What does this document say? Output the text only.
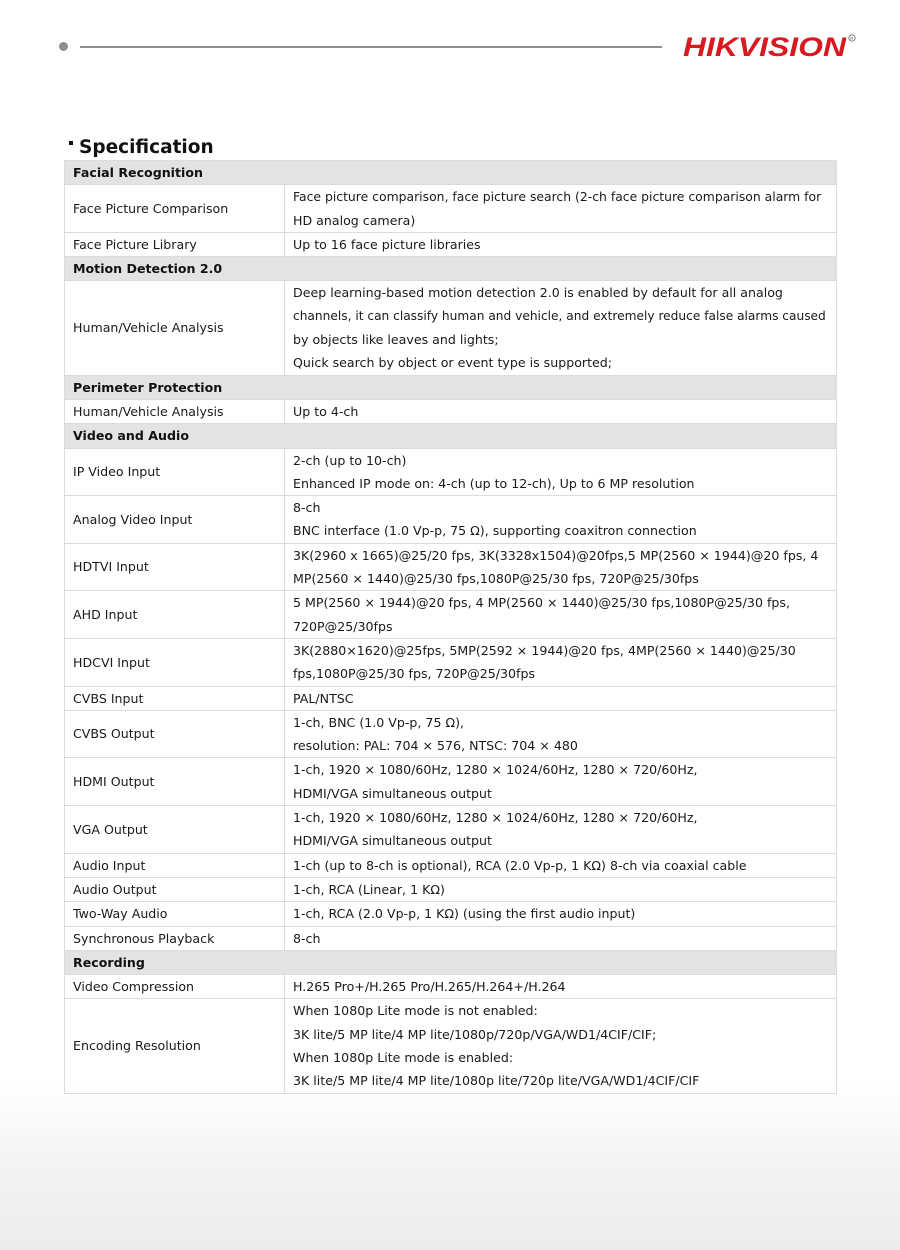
HIKVISION R
Specification
Facial Recognition	
Face Picture Comparison	Face picture comparison, face picture search (2-ch face picture comparison alarm for
HD analog camera)

Face Picture Library	Up to 16 face picture libraries

Motion Detection 2.0	
Human/Vehicle Analysis	Deep learning-based motion detection 2.0 is enabled by default for all analog
channels, it can classify human and vehicle, and extremely reduce false alarms caused
by objects like leaves and lights;
Quick search by object or event type is supported;

Perimeter Protection	
Human/Vehicle Analysis	Up to 4-ch

Video and Audio	
IP Video Input	2-ch (up to 10-ch)
Enhanced IP mode on: 4-ch (up to 12-ch), Up to 6 MP resolution

Analog Video Input	8-ch
BNC interface (1.0 Vp-p, 75 Ω), supporting coaxitron connection

HDTVI Input	3K(2960 x 1665)@25/20 fps, 3K(3328x1504)@20fps,5 MP(2560 × 1944)@20 fps, 4
MP(2560 × 1440)@25/30 fps,1080P@25/30 fps, 720P@25/30fps

AHD Input	5 MP(2560 × 1944)@20 fps, 4 MP(2560 × 1440)@25/30 fps,1080P@25/30 fps,
720P@25/30fps

HDCVI Input	3K(2880×1620)@25fps, 5MP(2592 × 1944)@20 fps, 4MP(2560 × 1440)@25/30
fps,1080P@25/30 fps, 720P@25/30fps

CVBS Input	PAL/NTSC

CVBS Output	1-ch, BNC (1.0 Vp-p, 75 Ω),
resolution: PAL: 704 × 576, NTSC: 704 × 480

HDMI Output	1-ch, 1920 × 1080/60Hz, 1280 × 1024/60Hz, 1280 × 720/60Hz,
HDMI/VGA simultaneous output

VGA Output	1-ch, 1920 × 1080/60Hz, 1280 × 1024/60Hz, 1280 × 720/60Hz,
HDMI/VGA simultaneous output

Audio Input	1-ch (up to 8-ch is optional), RCA (2.0 Vp-p, 1 KΩ) 8-ch via coaxial cable

Audio Output	1-ch, RCA (Linear, 1 KΩ)

Two-Way Audio	1-ch, RCA (2.0 Vp-p, 1 KΩ) (using the first audio input)

Synchronous Playback	8-ch

Recording	
Video Compression	H.265 Pro+/H.265 Pro/H.265/H.264+/H.264

Encoding Resolution	When 1080p Lite mode is not enabled:
3K lite/5 MP lite/4 MP lite/1080p/720p/VGA/WD1/4CIF/CIF;
When 1080p Lite mode is enabled:
3K lite/5 MP lite/4 MP lite/1080p lite/720p lite/VGA/WD1/4CIF/CIF
